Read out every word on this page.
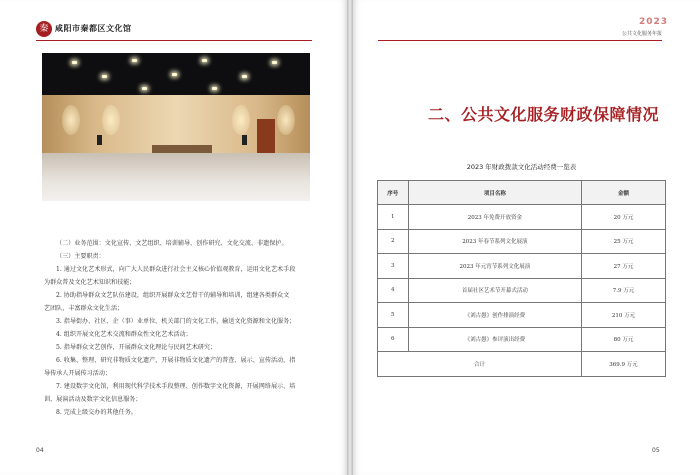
秦 咸阳市秦都区文化馆

（二）业务范围：文化宣传、文艺组织、培训辅导、创作研究、文化交流、非遗保护。

（三）主要职责：

1. 通过文化艺术形式，向广大人民群众进行社会主义核心价值观教育，运用文化艺术手段

为群众普及文化艺术知识和技能；

2. 协助指导群众文艺队伍建设，组织开展群众文艺骨干的辅导和培训，组建各类群众文

艺团队，丰富群众文化生活；

3. 指导街办、社区、企（事）业单位、机关部门的文化工作，输送文化资源和文化服务；

4. 组织开展文化艺术交流和群众性文化艺术活动；

5. 指导群众文艺创作，开展群众文化理论与民间艺术研究；

6. 收集、整理、研究非物质文化遗产，开展非物质文化遗产的普查、展示、宣传活动，指

导传承人开展传习活动；

7. 建设数字文化馆，利用现代科学技术手段整理、创作数字文化资源，开展网络展示、培

训、展演活动及数字文化信息服务；

8. 完成上级交办的其他任务。

04
2023
公共文化服务年报
二、公共文化服务财政保障情况
2023 年财政拨款文化活动经费一览表
序号	项目名称	金额
1	2023 年免费开放资金	20 万元
2	2023 年春节系列文化展演	25 万元
3	2023 年元宵节系列文化展演	27 万元
4	首届社区艺术节开幕式活动	7.9 万元
5	《刘古愚》创作排演经费	210 万元
6	《刘古愚》参评演出经费	80 万元
合计		369.9 万元
05
